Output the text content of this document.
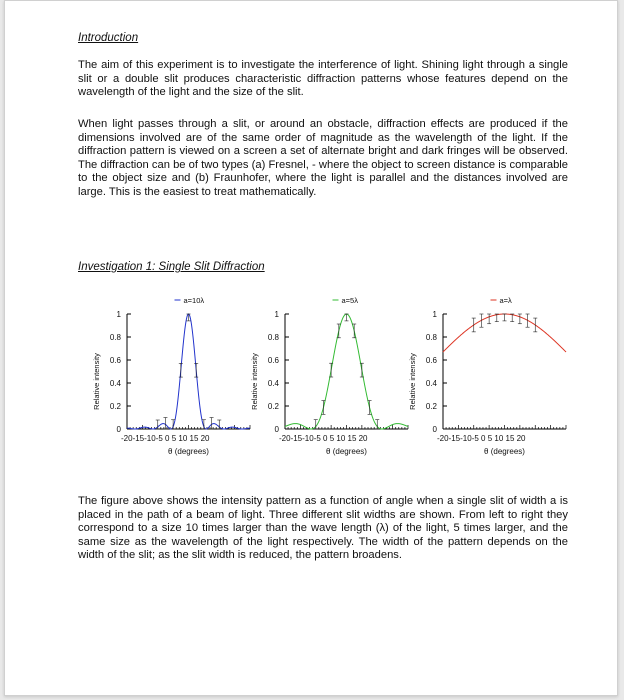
Introduction
The aim of this experiment is to investigate the interference of light. Shining light through a single slit or a double slit produces characteristic diffraction patterns whose features depend on the wavelength of the light and the size of the slit.
When light passes through a slit, or around an obstacle, diffraction effects are produced if the dimensions involved are of the same order of magnitude as the wavelength of the light. If the diffraction pattern is viewed on a screen a set of alternate bright and dark fringes will be observed. The diffraction can be of two types (a) Fresnel, - where the object to screen distance is comparable to the object size and (b) Fraunhofer, where the light is parallel and the distances involved are large. This is the easiest to treat mathematically.
Investigation 1: Single Slit Diffraction
0
0.2
0.4
0.6
0.8
1
-20-15-10-5 0 5 10 15 20
θ (degrees)
Relative intensity
a=10λ
0
0.2
0.4
0.6
0.8
1
-20-15-10-5 0 5 10 15 20
θ (degrees)
Relative intensity
a=5λ
0
0.2
0.4
0.6
0.8
1
-20-15-10-5 0 5 10 15 20
θ (degrees)
Relative intensity
a=λ
The figure above shows the intensity pattern as a function of angle when a single slit of width a is placed in the path of a beam of light. Three different slit widths are shown. From left to right they correspond to a size 10 times larger than the wave length (λ) of the light, 5 times larger, and the same size as the wavelength of the light respectively. The width of the pattern depends on the width of the slit; as the slit width is reduced, the pattern broadens.
